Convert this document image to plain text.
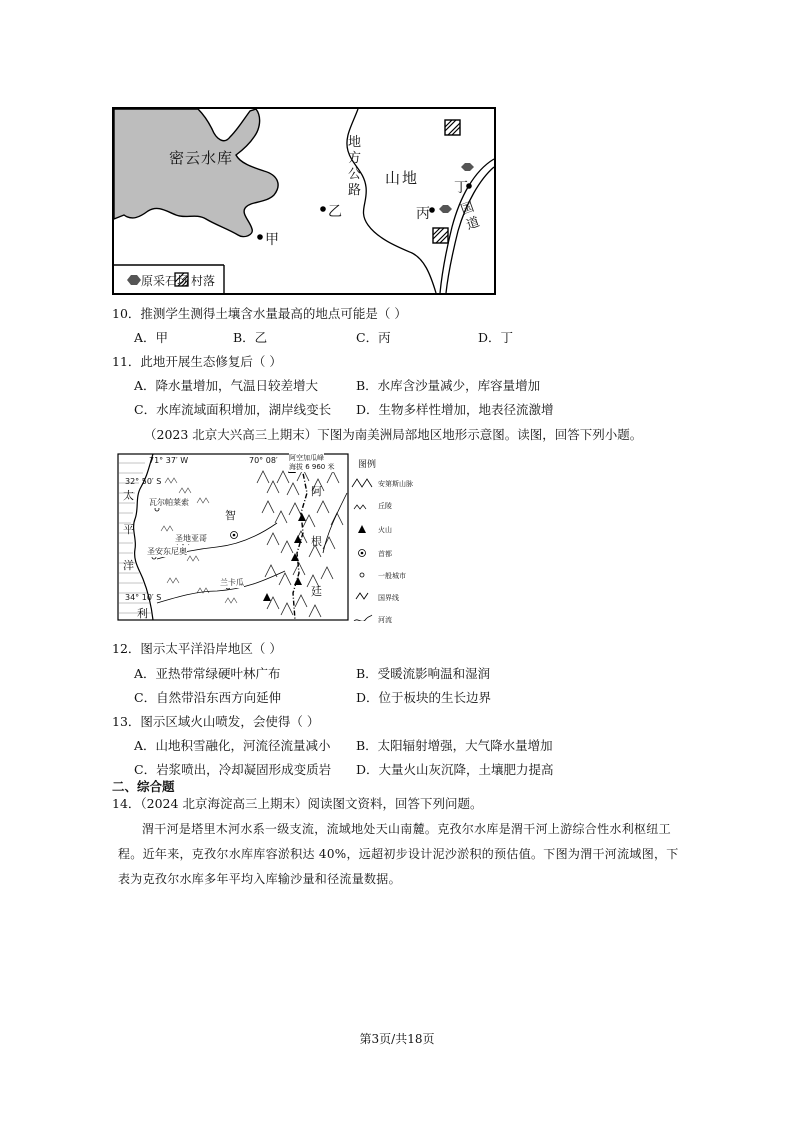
密云水库
地
方
公
路
山地
甲
乙	丙
丁
国
道
原采石场 村落
10．推测学生测得土壤含水量最高的地点可能是（ ）
A．甲	B．乙	C．丙	D．丁
11．此地开展生态修复后（ ）
A．降水量增加，气温日较差增大	B．水库含沙量减少，库容量增加
C．水库流域面积增加，湖岸线变长 D．生物多样性增加，地表径流激增
（2023 北京大兴高三上期末）下图为南美洲局部地区地形示意图。读图，回答下列小题。
71° 37′ W	70° 08′
32° 50′ S
34° 10′ S
阿空加瓜峰
海拔 6 960 米
太
平
洋
智
利
阿
根
廷
瓦尔帕莱索
圣地亚哥
圣安东尼奥
兰卡瓜
图例
安第斯山脉
丘陵
火山
首都
一般城市
国界线
河流
12．图示太平洋沿岸地区（ ）
A．亚热带常绿硬叶林广布	B．受暖流影响温和湿润
C．自然带沿东西方向延伸	D．位于板块的生长边界
13．图示区域火山喷发，会使得（ ）
A．山地积雪融化，河流径流量减小 B．太阳辐射增强，大气降水量增加
C．岩浆喷出，冷却凝固形成变质岩 D．大量火山灰沉降，土壤肥力提高
二、综合题
14．（2024 北京海淀高三上期末）阅读图文资料，回答下列问题。
渭干河是塔里木河水系一级支流，流域地处天山南麓。克孜尔水库是渭干河上游综合性水利枢纽工程。近年来，克孜尔水库库容淤积达 40%，远超初步设计泥沙淤积的预估值。下图为渭干河流域图，下表为克孜尔水库多年平均入库输沙量和径流量数据。
第3页/共18页
